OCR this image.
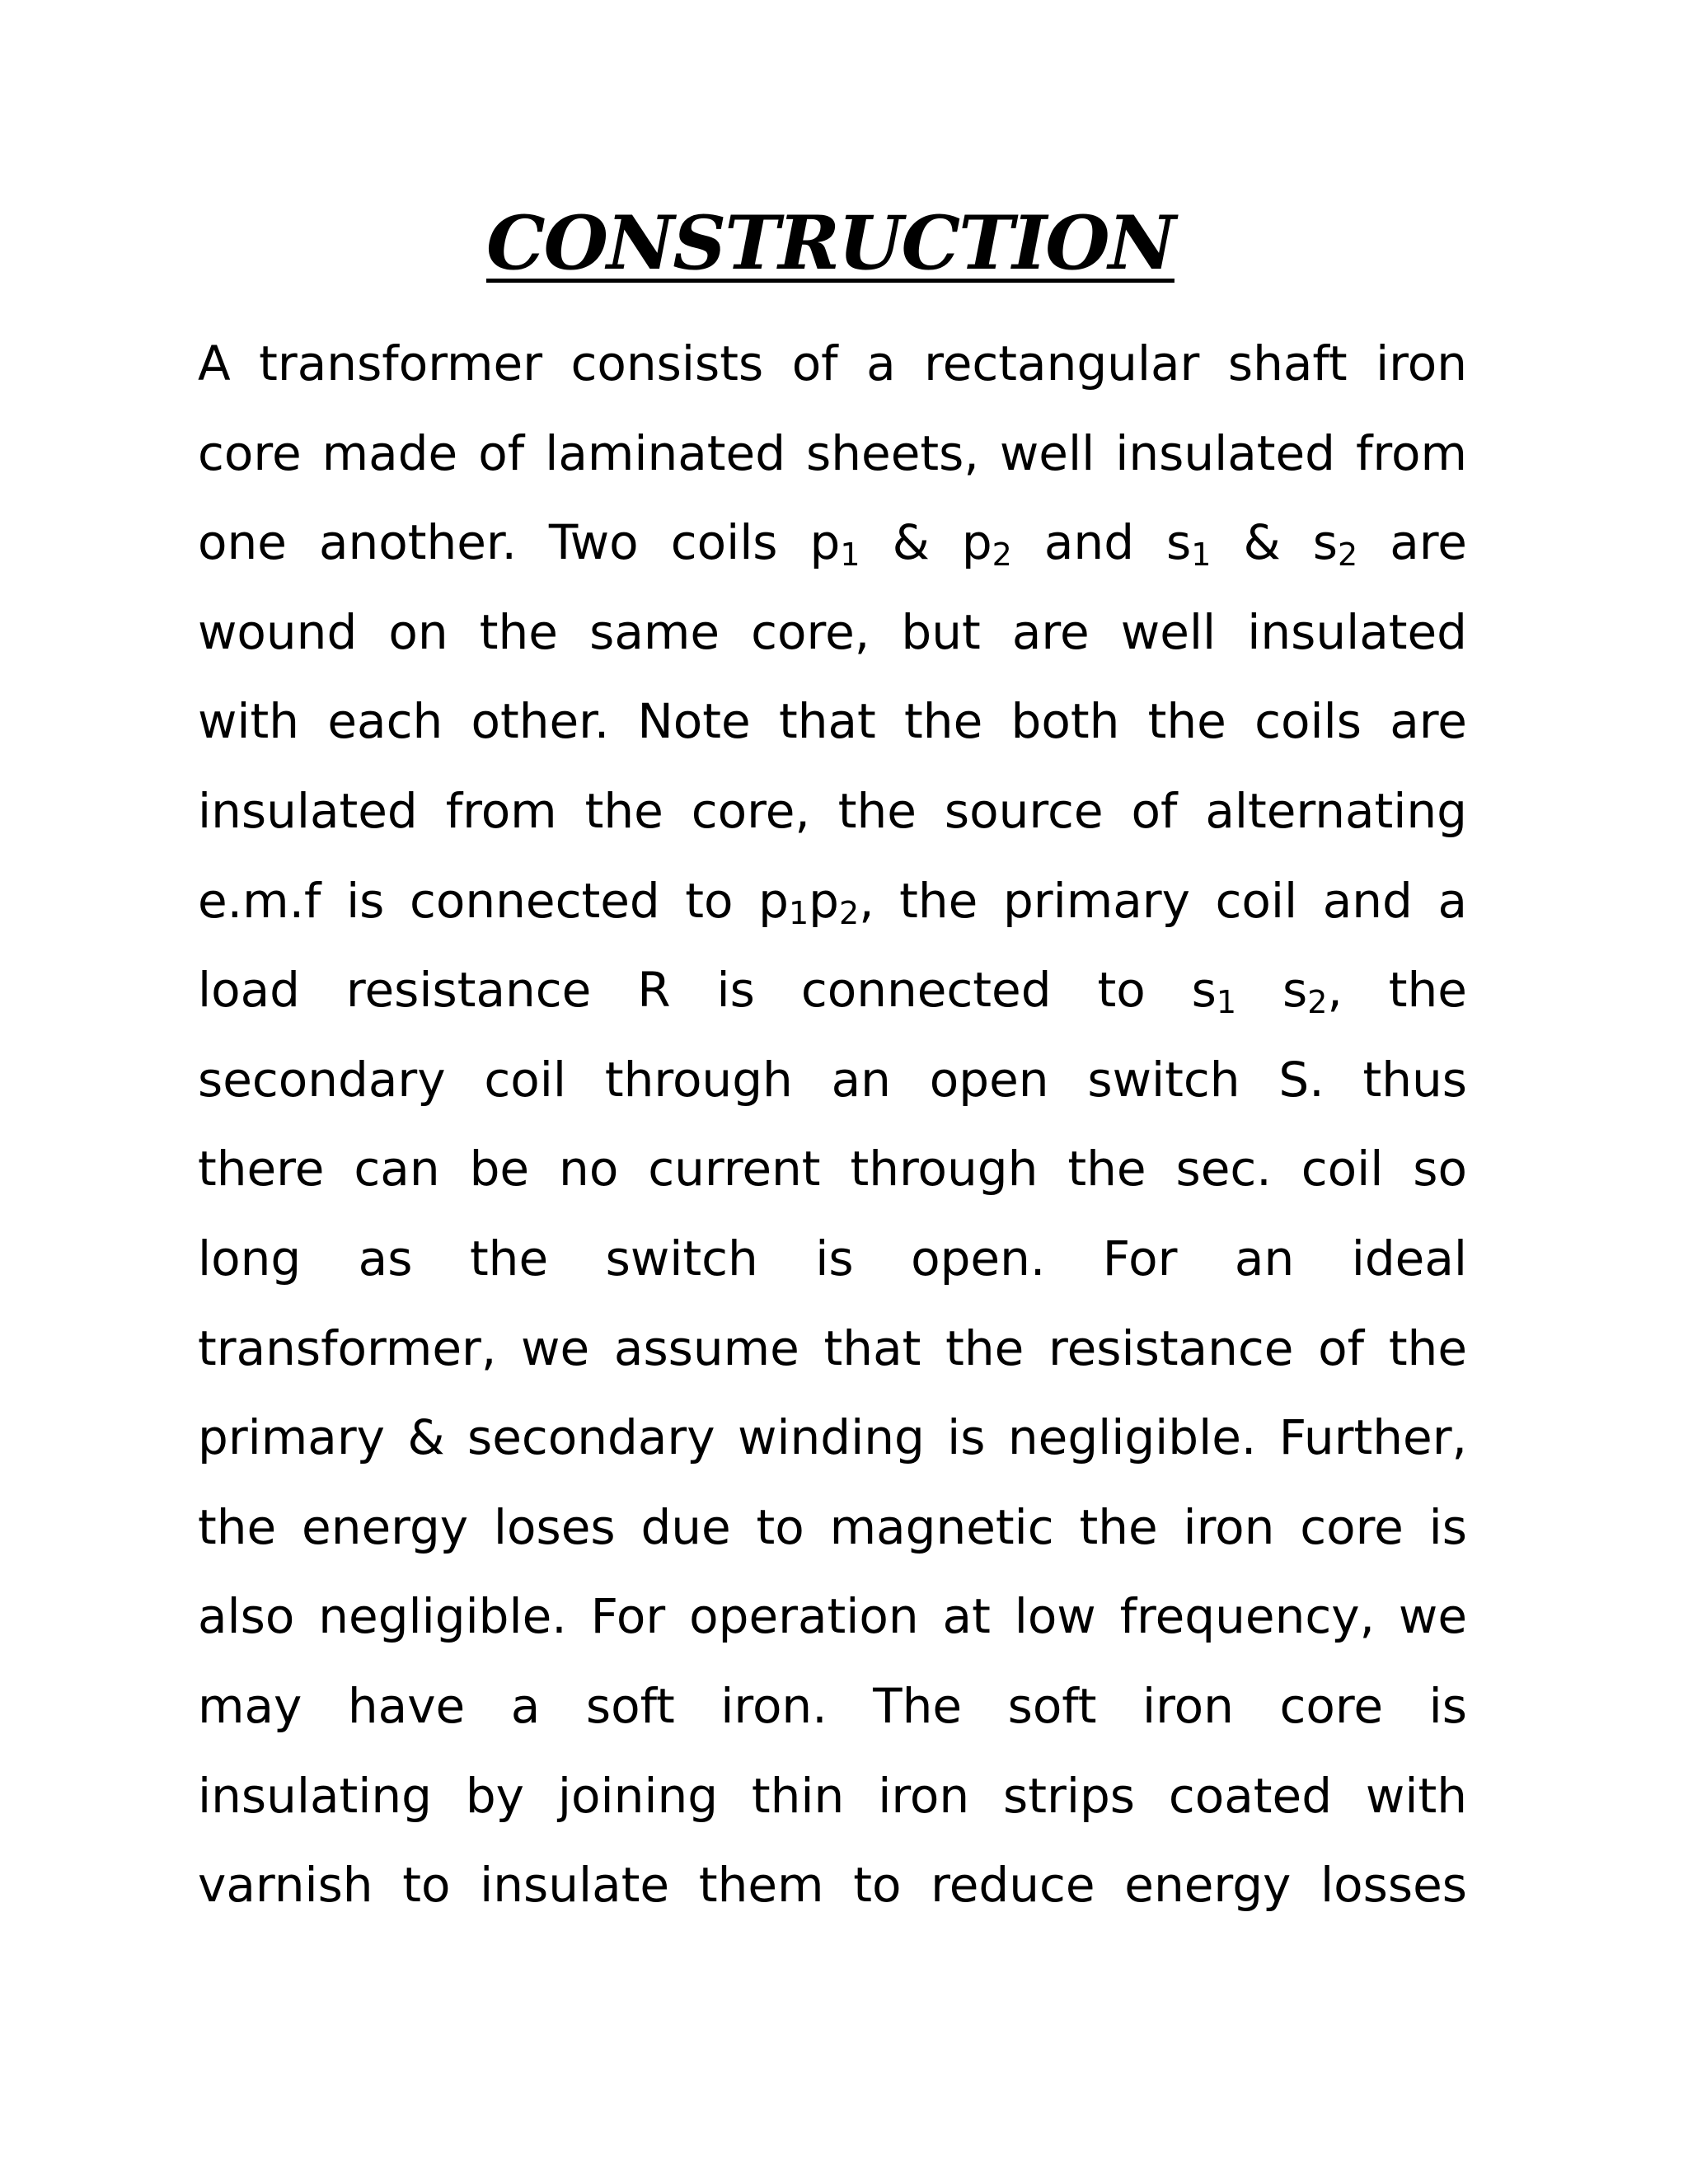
CONSTRUCTION
A transformer consists of a rectangular shaft iron
core made of laminated sheets, well insulated from
one another. Two coils $p_1$ & $p_2$ and $s_1$ & $s_2$ are
wound on the same core, but are well insulated
with each other. Note that the both the coils are
insulated from the core, the source of alternating
e.m.f is connected to $p_1p_2$, the primary coil and a
load resistance R is connected to $s_1$ $s_2$, the
secondary coil through an open switch S. thus
there can be no current through the sec. coil so
long as the switch is open. For an ideal
transformer, we assume that the resistance of the
primary & secondary winding is negligible. Further,
the energy loses due to magnetic the iron core is
also negligible. For operation at low frequency, we
may have a soft iron. The soft iron core is
insulating by joining thin iron strips coated with
varnish to insulate them to reduce energy losses
